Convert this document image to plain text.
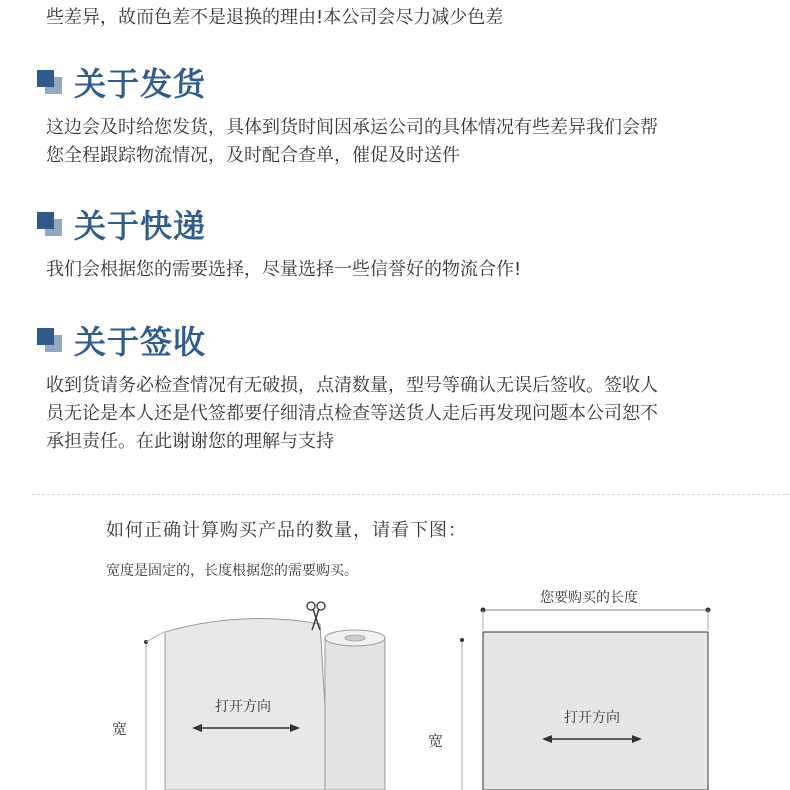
些差异，故而色差不是退换的理由!本公司会尽力减少色差
关于发货
这边会及时给您发货，具体到货时间因承运公司的具体情况有些差异我们会帮
您全程跟踪物流情况，及时配合查单，催促及时送件
关于快递
我们会根据您的需要选择，尽量选择一些信誉好的物流合作!
关于签收
收到货请务必检查情况有无破损，点清数量，型号等确认无误后签收。签收人
员无论是本人还是代签都要仔细清点检查等送货人走后再发现问题本公司恕不
承担责任。在此谢谢您的理解与支持
如何正确计算购买产品的数量，请看下图：
宽度是固定的，长度根据您的需要购买。
宽
打开方向
您要购买的长度
宽
打开方向
